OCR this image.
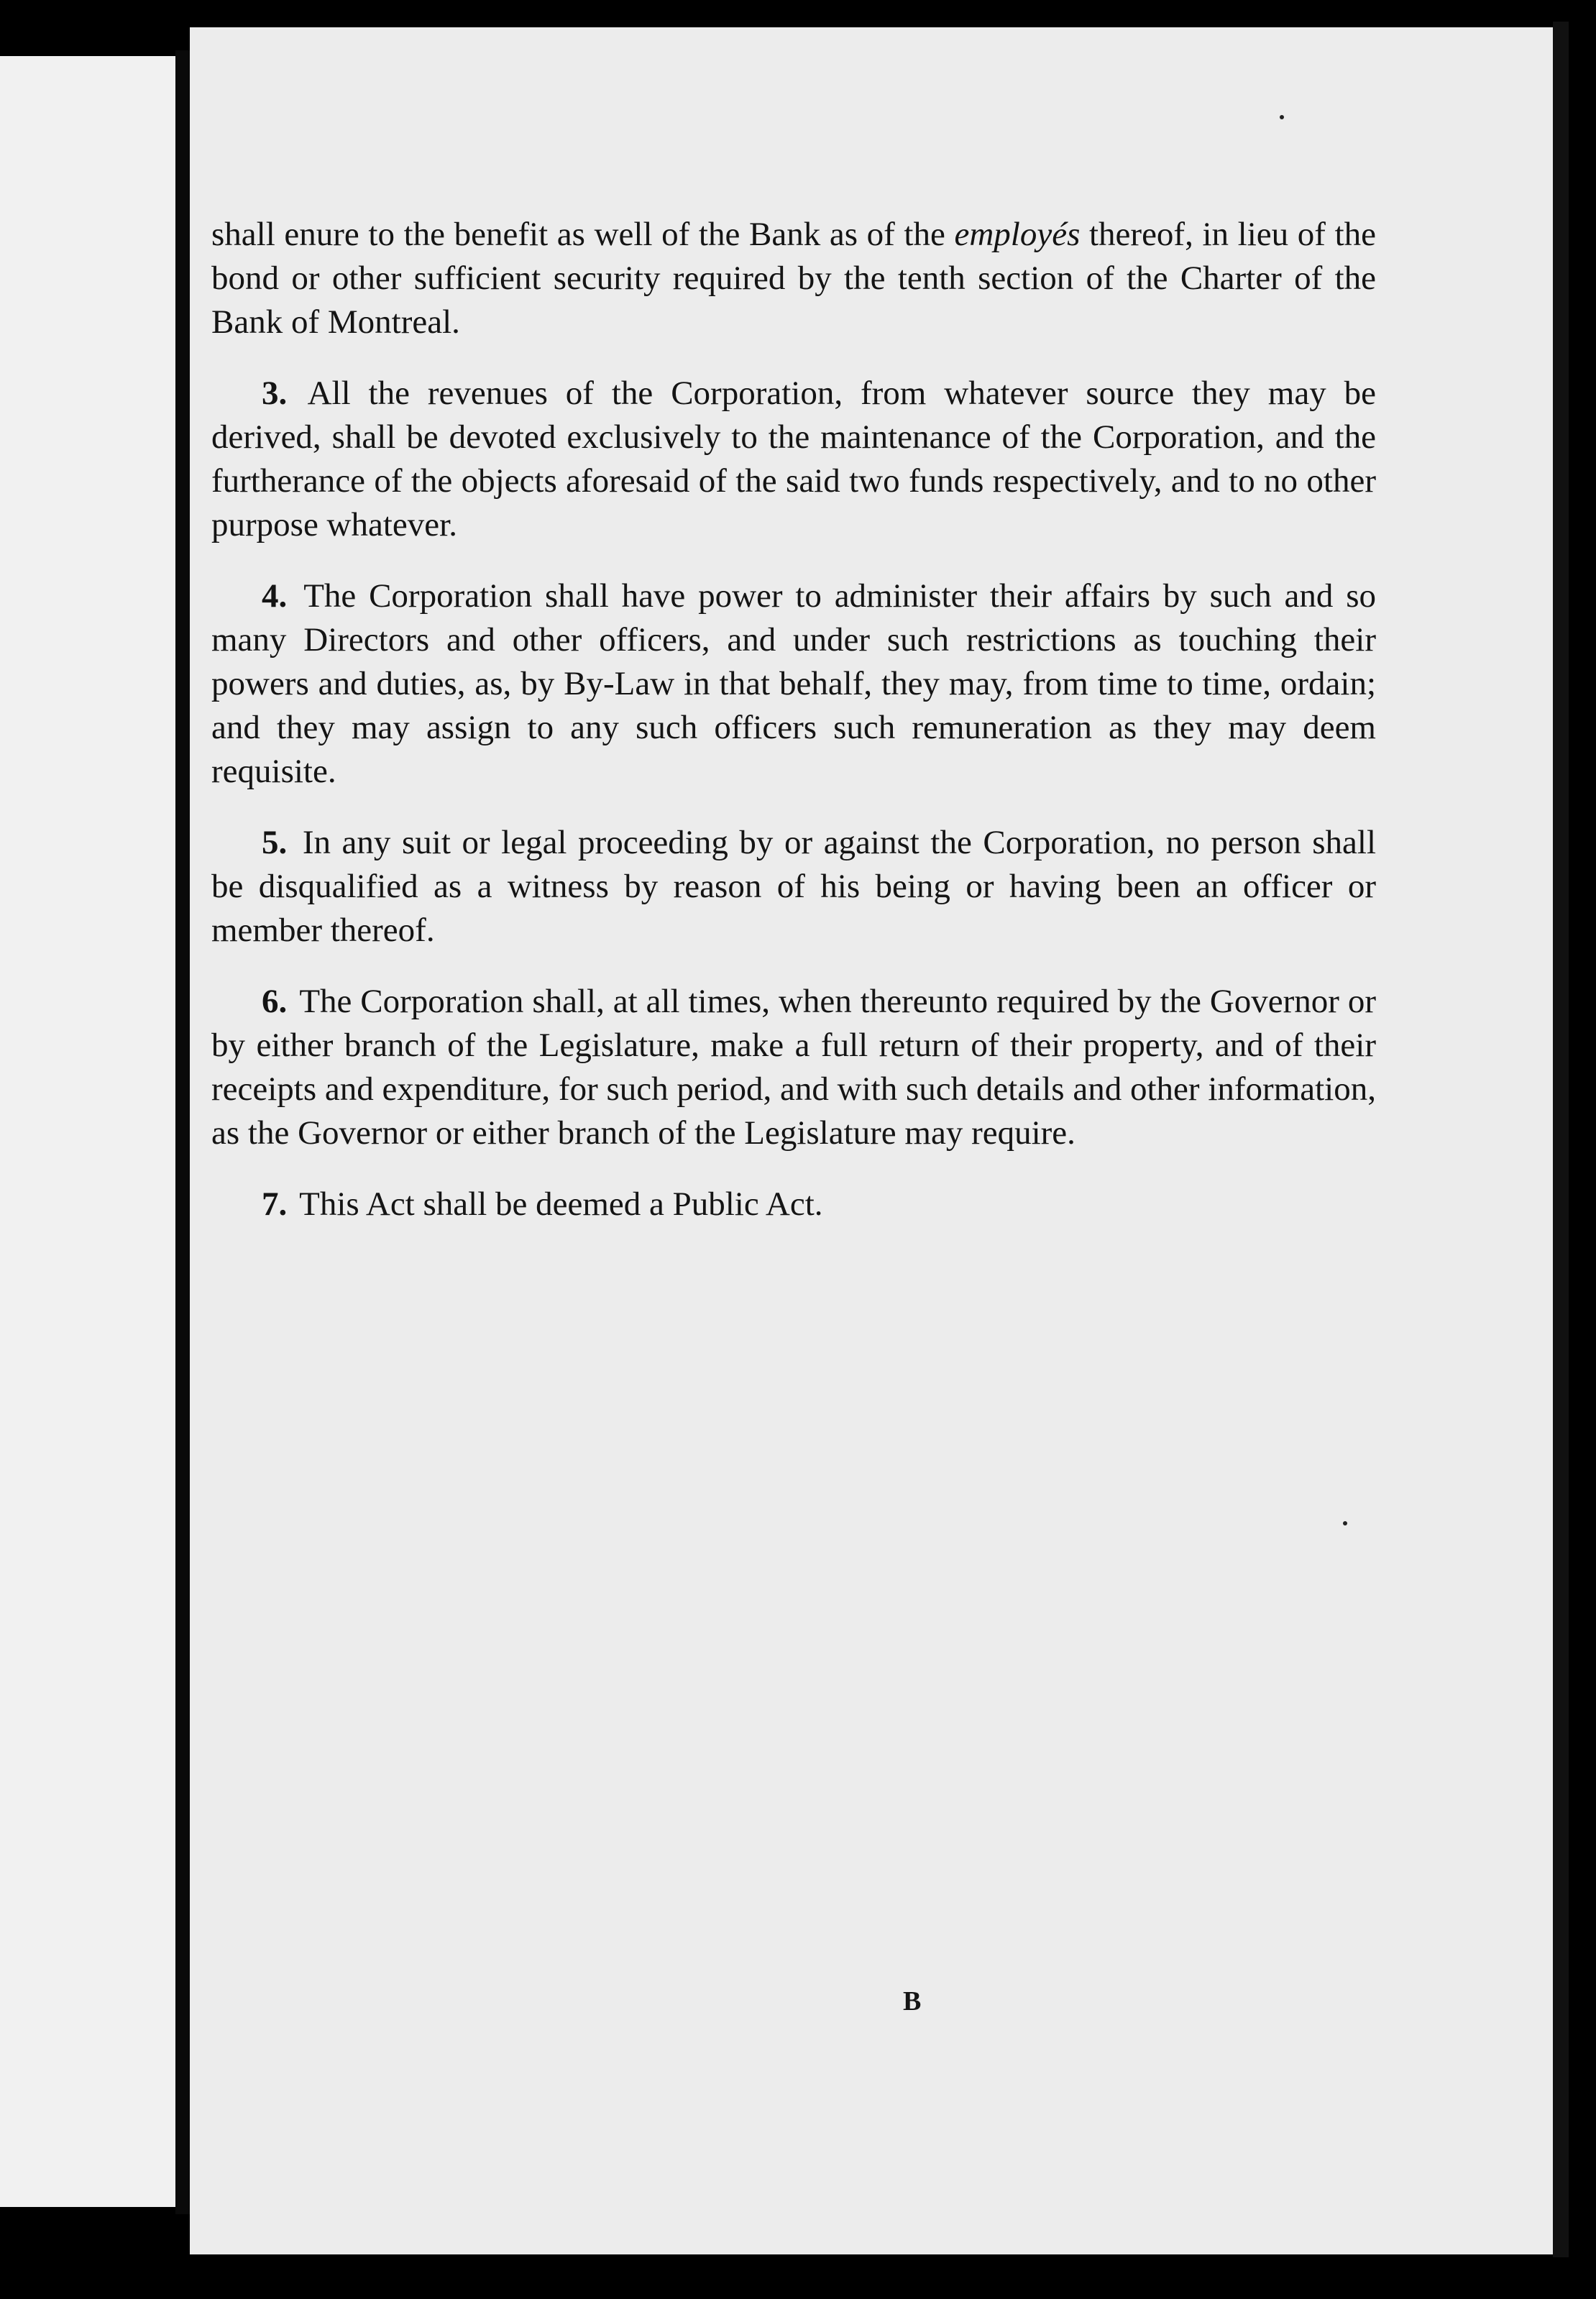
shall enure to the benefit as well of the Bank as of the employés thereof, in lieu of the bond or other sufficient security required by the tenth section of the Charter of the Bank of Montreal.

3. All the revenues of the Corporation, from whatever source they may be derived, shall be devoted exclusively to the maintenance of the Corporation, and the furtherance of the objects aforesaid of the said two funds respectively, and to no other purpose whatever.

4. The Corporation shall have power to administer their affairs by such and so many Directors and other officers, and under such restrictions as touching their powers and duties, as, by By-Law in that behalf, they may, from time to time, ordain; and they may assign to any such officers such remuneration as they may deem requisite.

5. In any suit or legal proceeding by or against the Corporation, no person shall be disqualified as a witness by reason of his being or having been an officer or member thereof.

6. The Corporation shall, at all times, when thereunto required by the Governor or by either branch of the Legislature, make a full return of their property, and of their receipts and expenditure, for such period, and with such details and other information, as the Governor or either branch of the Legislature may require.

7. This Act shall be deemed a Public Act.

B
